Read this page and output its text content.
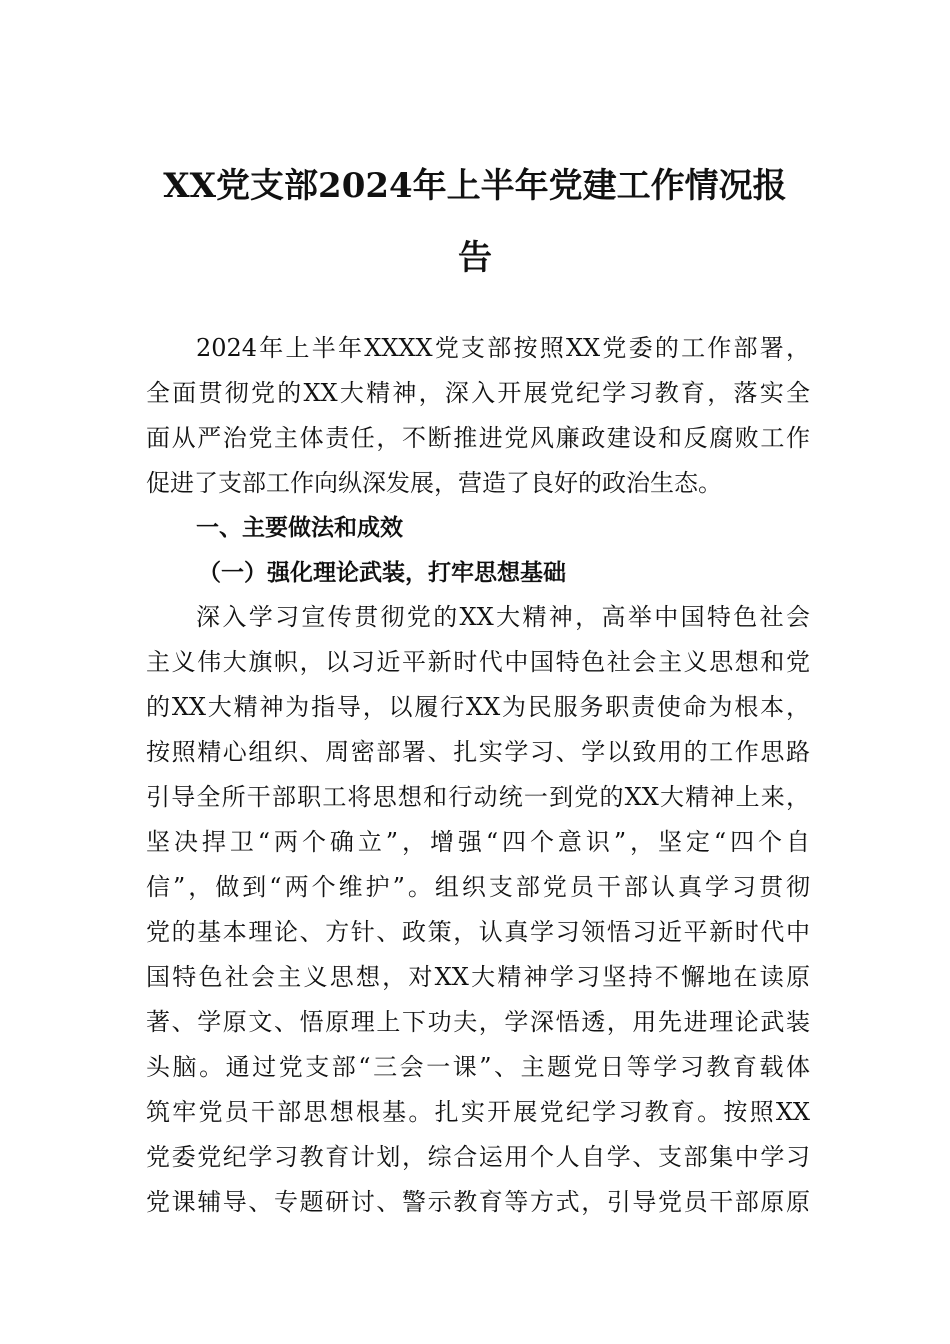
XX党支部2024年上半年党建工作情况报
告
2024年上半年XXXX党支部按照XX党委的工作部署，
全面贯彻党的XX大精神，深入开展党纪学习教育，落实全
面从严治党主体责任，不断推进党风廉政建设和反腐败工作
促进了支部工作向纵深发展，营造了良好的政治生态。
一、主要做法和成效
（一）强化理论武装，打牢思想基础
深入学习宣传贯彻党的XX大精神，高举中国特色社会
主义伟大旗帜，以习近平新时代中国特色社会主义思想和党
的XX大精神为指导，以履行XX为民服务职责使命为根本，
按照精心组织、周密部署、扎实学习、学以致用的工作思路
引导全所干部职工将思想和行动统一到党的XX大精神上来，
坚决捍卫“两个确立”，增强“四个意识”，坚定“四个自
信”，做到“两个维护”。组织支部党员干部认真学习贯彻
党的基本理论、方针、政策，认真学习领悟习近平新时代中
国特色社会主义思想，对XX大精神学习坚持不懈地在读原
著、学原文、悟原理上下功夫，学深悟透，用先进理论武装
头脑。通过党支部“三会一课”、主题党日等学习教育载体
筑牢党员干部思想根基。扎实开展党纪学习教育。按照XX
党委党纪学习教育计划，综合运用个人自学、支部集中学习
党课辅导、专题研讨、警示教育等方式，引导党员干部原原
